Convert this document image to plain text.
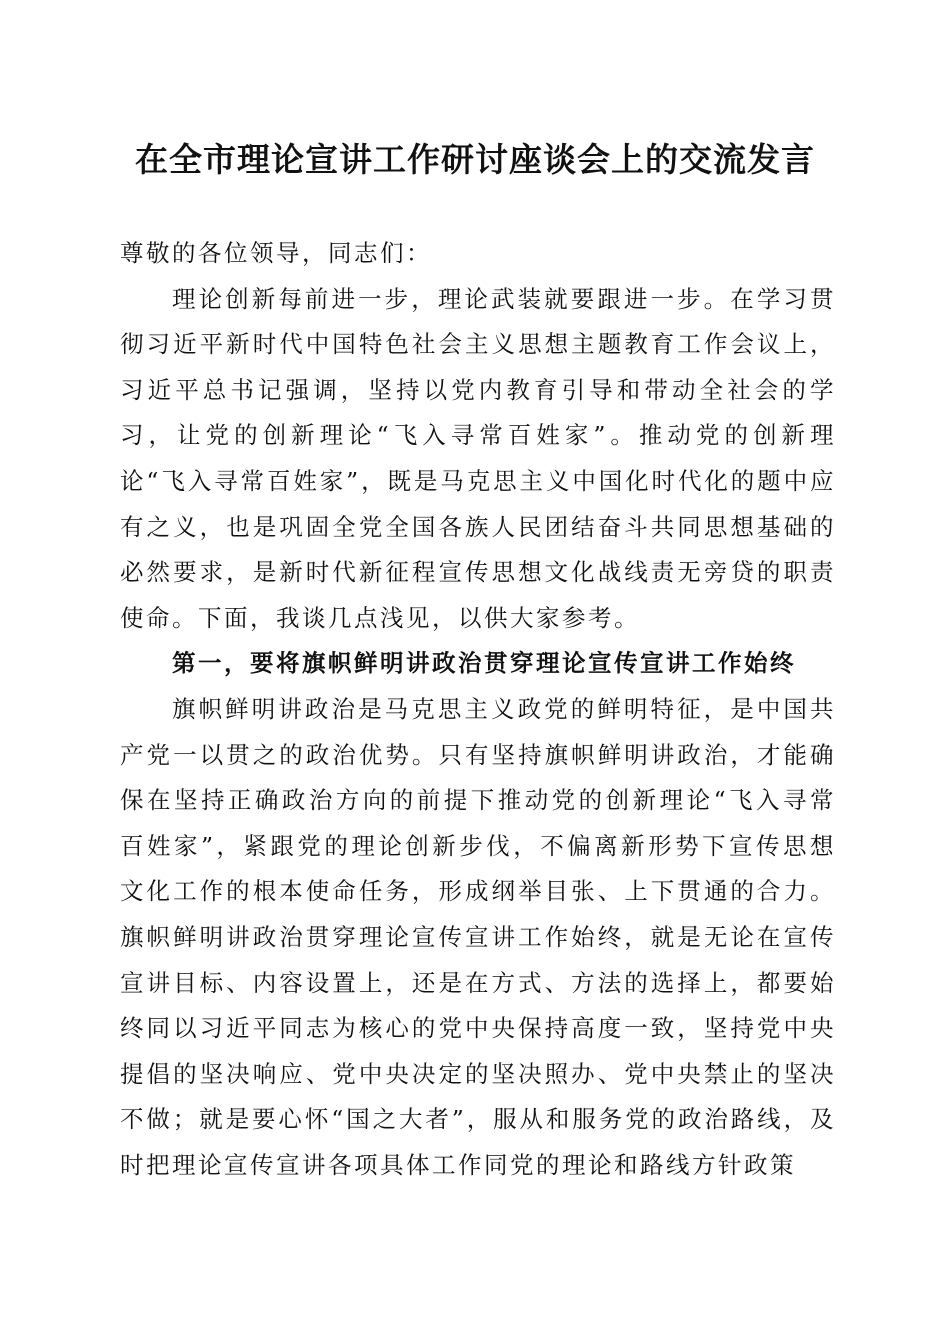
在全市理论宣讲工作研讨座谈会上的交流发言

尊敬的各位领导，同志们：

理论创新每前进一步，理论武装就要跟进一步。在学习贯彻习近平新时代中国特色社会主义思想主题教育工作会议上，习近平总书记强调，坚持以党内教育引导和带动全社会的学习，让党的创新理论“飞入寻常百姓家”。推动党的创新理论“飞入寻常百姓家”，既是马克思主义中国化时代化的题中应有之义，也是巩固全党全国各族人民团结奋斗共同思想基础的必然要求，是新时代新征程宣传思想文化战线责无旁贷的职责使命。下面，我谈几点浅见，以供大家参考。

第一，要将旗帜鲜明讲政治贯穿理论宣传宣讲工作始终

旗帜鲜明讲政治是马克思主义政党的鲜明特征，是中国共产党一以贯之的政治优势。只有坚持旗帜鲜明讲政治，才能确保在坚持正确政治方向的前提下推动党的创新理论“飞入寻常百姓家”，紧跟党的理论创新步伐，不偏离新形势下宣传思想文化工作的根本使命任务，形成纲举目张、上下贯通的合力。旗帜鲜明讲政治贯穿理论宣传宣讲工作始终，就是无论在宣传宣讲目标、内容设置上，还是在方式、方法的选择上，都要始终同以习近平同志为核心的党中央保持高度一致，坚持党中央提倡的坚决响应、党中央决定的坚决照办、党中央禁止的坚决不做；就是要心怀“国之大者”，服从和服务党的政治路线，及时把理论宣传宣讲各项具体工作同党的理论和路线方针政策
